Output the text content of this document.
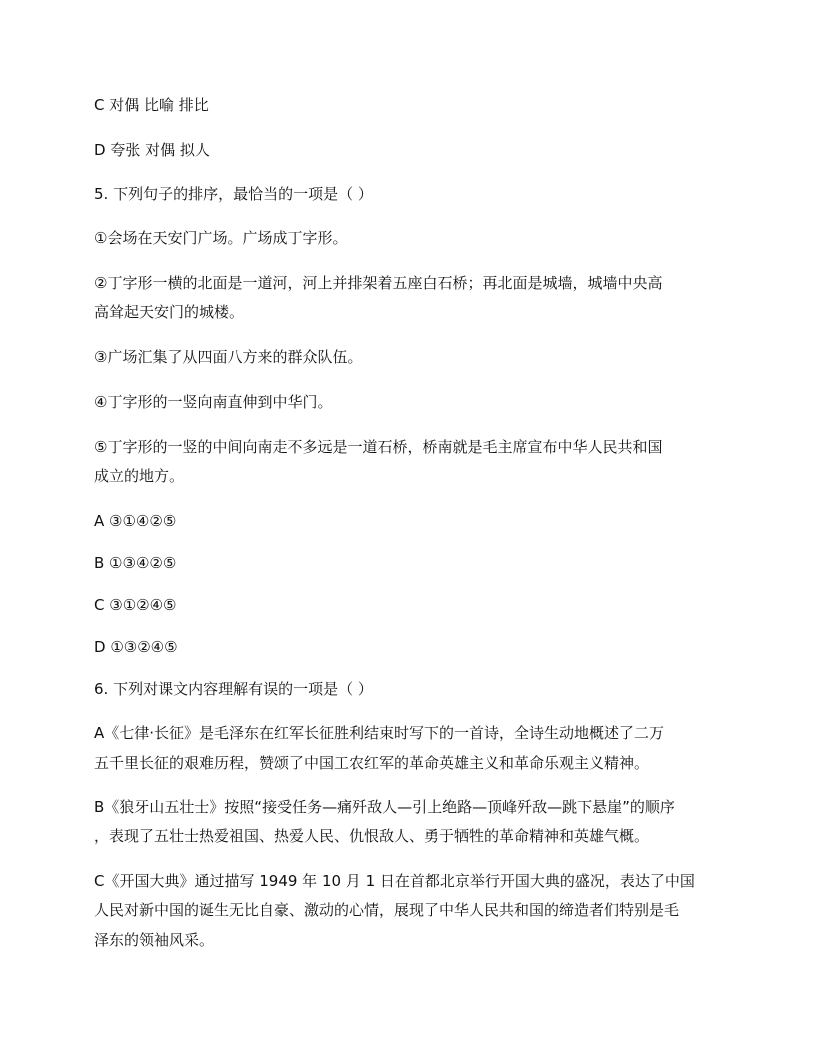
C 对偶 比喻 排比
D 夸张 对偶 拟人
5. 下列句子的排序，最恰当的一项是（ ）
①会场在天安门广场。广场成丁字形。
②丁字形一横的北面是一道河，河上并排架着五座白石桥；再北面是城墙，城墙中央高
高耸起天安门的城楼。
③广场汇集了从四面八方来的群众队伍。
④丁字形的一竖向南直伸到中华门。
⑤丁字形的一竖的中间向南走不多远是一道石桥，桥南就是毛主席宣布中华人民共和国
成立的地方。
A ③①④②⑤
B ①③④②⑤
C ③①②④⑤
D ①③②④⑤
6. 下列对课文内容理解有误的一项是（ ）
A《七律·长征》是毛泽东在红军长征胜利结束时写下的一首诗，全诗生动地概述了二万
五千里长征的艰难历程，赞颂了中国工农红军的革命英雄主义和革命乐观主义精神。
B《狼牙山五壮士》按照“接受任务—痛歼敌人—引上绝路—顶峰歼敌—跳下悬崖”的顺序
，表现了五壮士热爱祖国、热爱人民、仇恨敌人、勇于牺牲的革命精神和英雄气概。
C《开国大典》通过描写 1949 年 10 月 1 日在首都北京举行开国大典的盛况，表达了中国
人民对新中国的诞生无比自豪、激动的心情，展现了中华人民共和国的缔造者们特别是毛
泽东的领袖风采。
